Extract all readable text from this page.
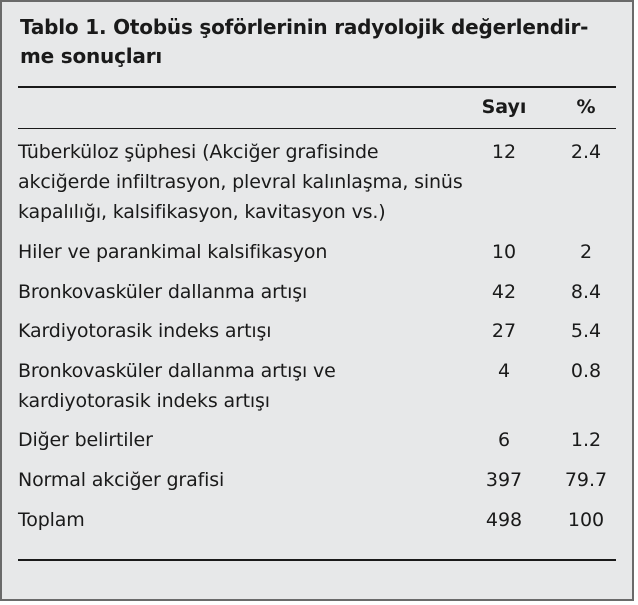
Tablo 1. Otobüs şoförlerinin radyolojik değerlendir-
me sonuçları
Sayı	%
Tüberküloz şüphesi (Akciğer grafisinde
akciğerde infiltrasyon, plevral kalınlaşma, sinüs
kapalılığı, kalsifikasyon, kavitasyon vs.)
12	2.4
Hiler ve parankimal kalsifikasyon	10	2
Bronkovasküler dallanma artışı	42	8.4
Kardiyotorasik indeks artışı	27	5.4
Bronkovasküler dallanma artışı ve
kardiyotorasik indeks artışı
4	0.8
Diğer belirtiler	6	1.2
Normal akciğer grafisi	397	79.7
Toplam	498	100
